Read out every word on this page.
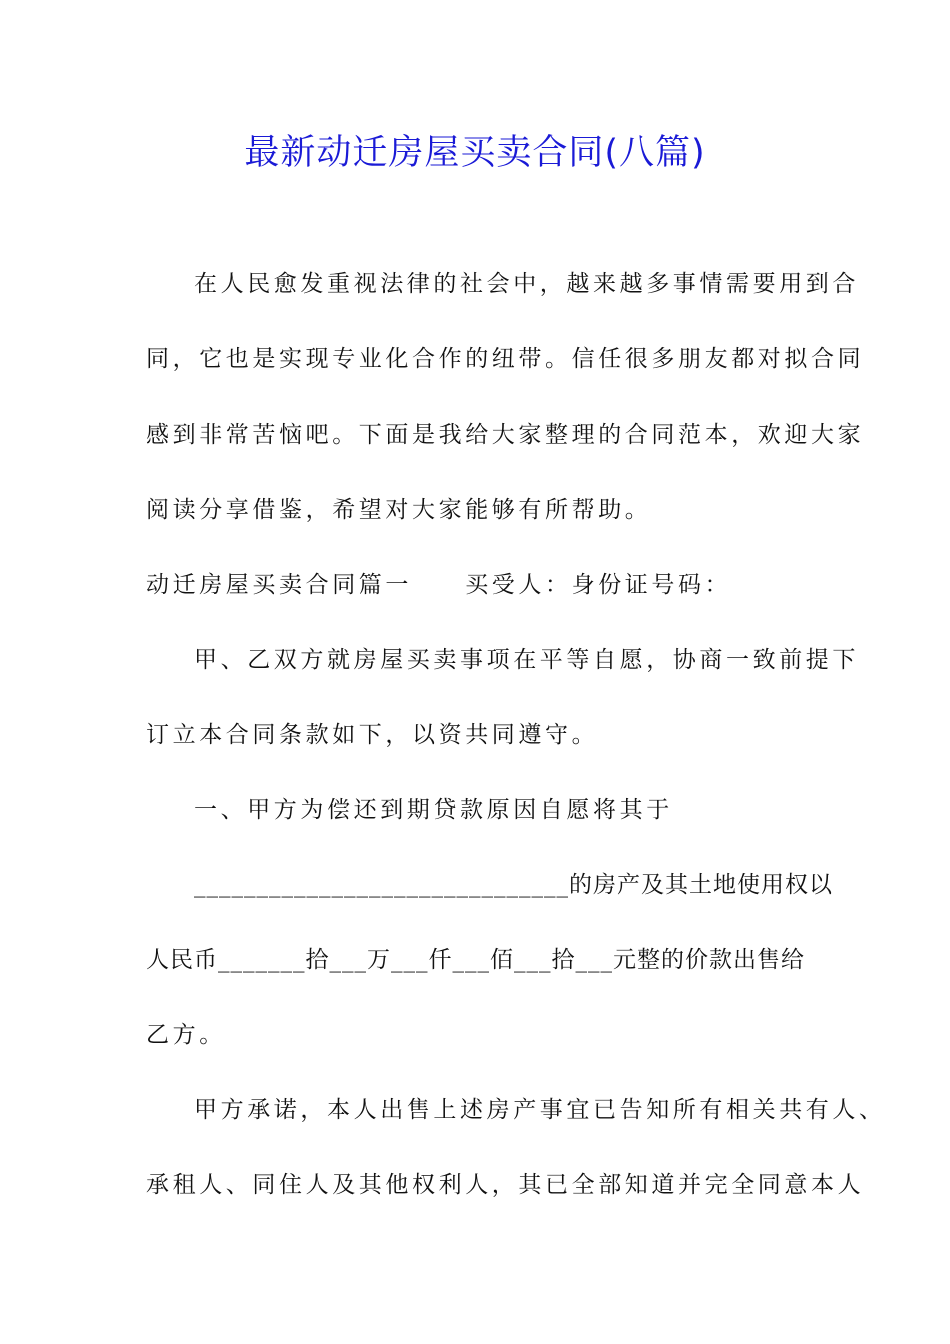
最新动迁房屋买卖合同(八篇)
在人民愈发重视法律的社会中，越来越多事情需要用到合
同，它也是实现专业化合作的纽带。信任很多朋友都对拟合同
感到非常苦恼吧。下面是我给大家整理的合同范本，欢迎大家
阅读分享借鉴，希望对大家能够有所帮助。
动迁房屋买卖合同篇一　　买受人：身份证号码：
甲、乙双方就房屋买卖事项在平等自愿，协商一致前提下
订立本合同条款如下，以资共同遵守。
一、甲方为偿还到期贷款原因自愿将其于
______________________________的房产及其土地使用权以
人民币_______拾___万___仟___佰___拾___元整的价款出售给
乙方。
甲方承诺，本人出售上述房产事宜已告知所有相关共有人、
承租人、同住人及其他权利人，其已全部知道并完全同意本人
